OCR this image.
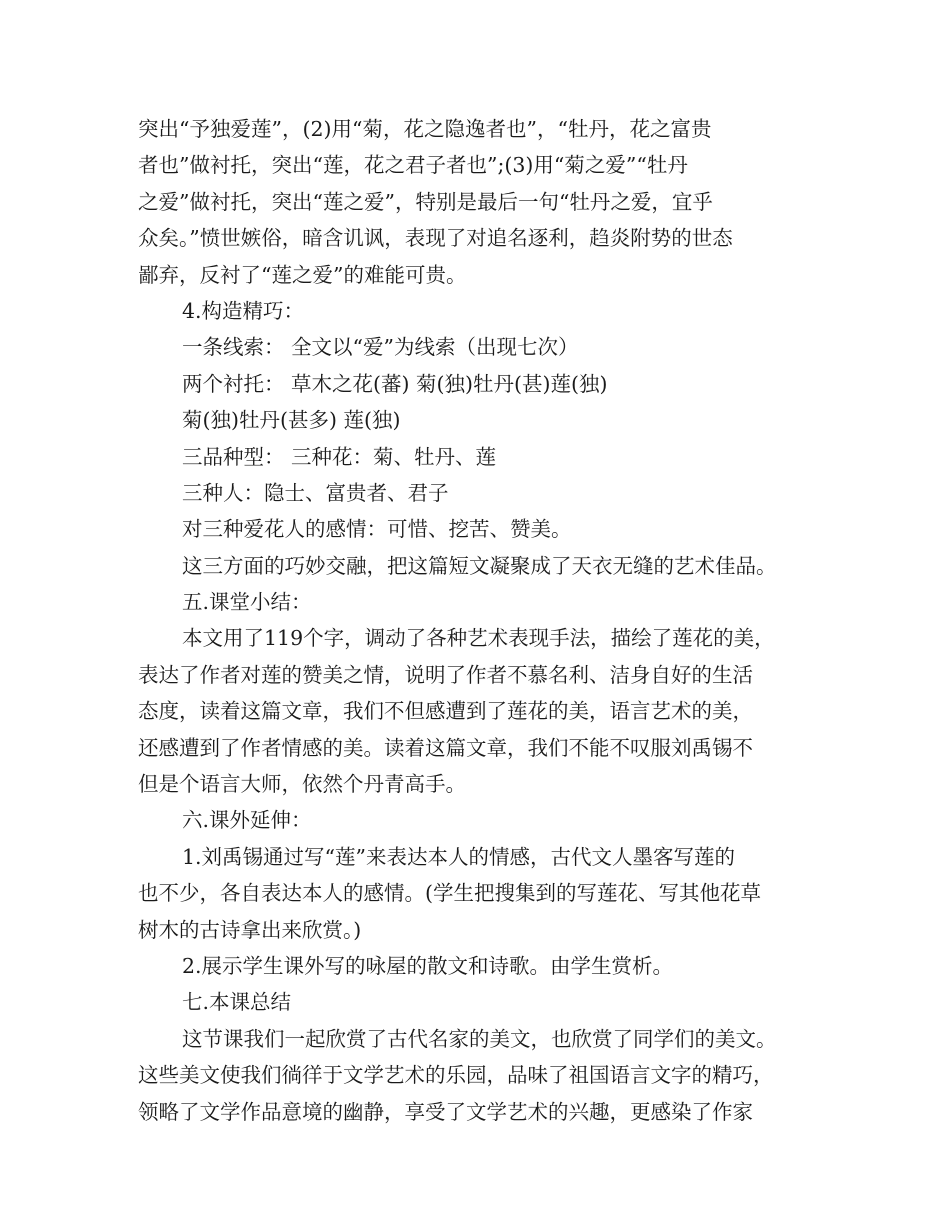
突出“予独爱莲”，(2)用“菊，花之隐逸者也”，“牡丹，花之富贵
者也”做衬托，突出“莲，花之君子者也”;(3)用“菊之爱”“牡丹
之爱”做衬托，突出“莲之爱”，特别是最后一句“牡丹之爱，宜乎
众矣。”愤世嫉俗，暗含讥讽，表现了对追名逐利，趋炎附势的世态
鄙弃，反衬了“莲之爱”的难能可贵。
4.构造精巧：
一条线索： 全文以“爱”为线索（出现七次）
两个衬托： 草木之花(蕃) 菊(独)牡丹(甚)莲(独)
菊(独)牡丹(甚多) 莲(独)
三品种型： 三种花：菊、牡丹、莲
三种人：隐士、富贵者、君子
对三种爱花人的感情：可惜、挖苦、赞美。
这三方面的巧妙交融，把这篇短文凝聚成了天衣无缝的艺术佳品。
五.课堂小结：
本文用了119个字，调动了各种艺术表现手法，描绘了莲花的美，
表达了作者对莲的赞美之情，说明了作者不慕名利、洁身自好的生活
态度，读着这篇文章，我们不但感遭到了莲花的美，语言艺术的美，
还感遭到了作者情感的美。读着这篇文章，我们不能不叹服刘禹锡不
但是个语言大师，依然个丹青高手。
六.课外延伸：
1.刘禹锡通过写“莲”来表达本人的情感，古代文人墨客写莲的
也不少，各自表达本人的感情。(学生把搜集到的写莲花、写其他花草
树木的古诗拿出来欣赏。)
2.展示学生课外写的咏屋的散文和诗歌。由学生赏析。
七.本课总结
这节课我们一起欣赏了古代名家的美文，也欣赏了同学们的美文。
这些美文使我们徜徉于文学艺术的乐园，品味了祖国语言文字的精巧，
领略了文学作品意境的幽静，享受了文学艺术的兴趣，更感染了作家
